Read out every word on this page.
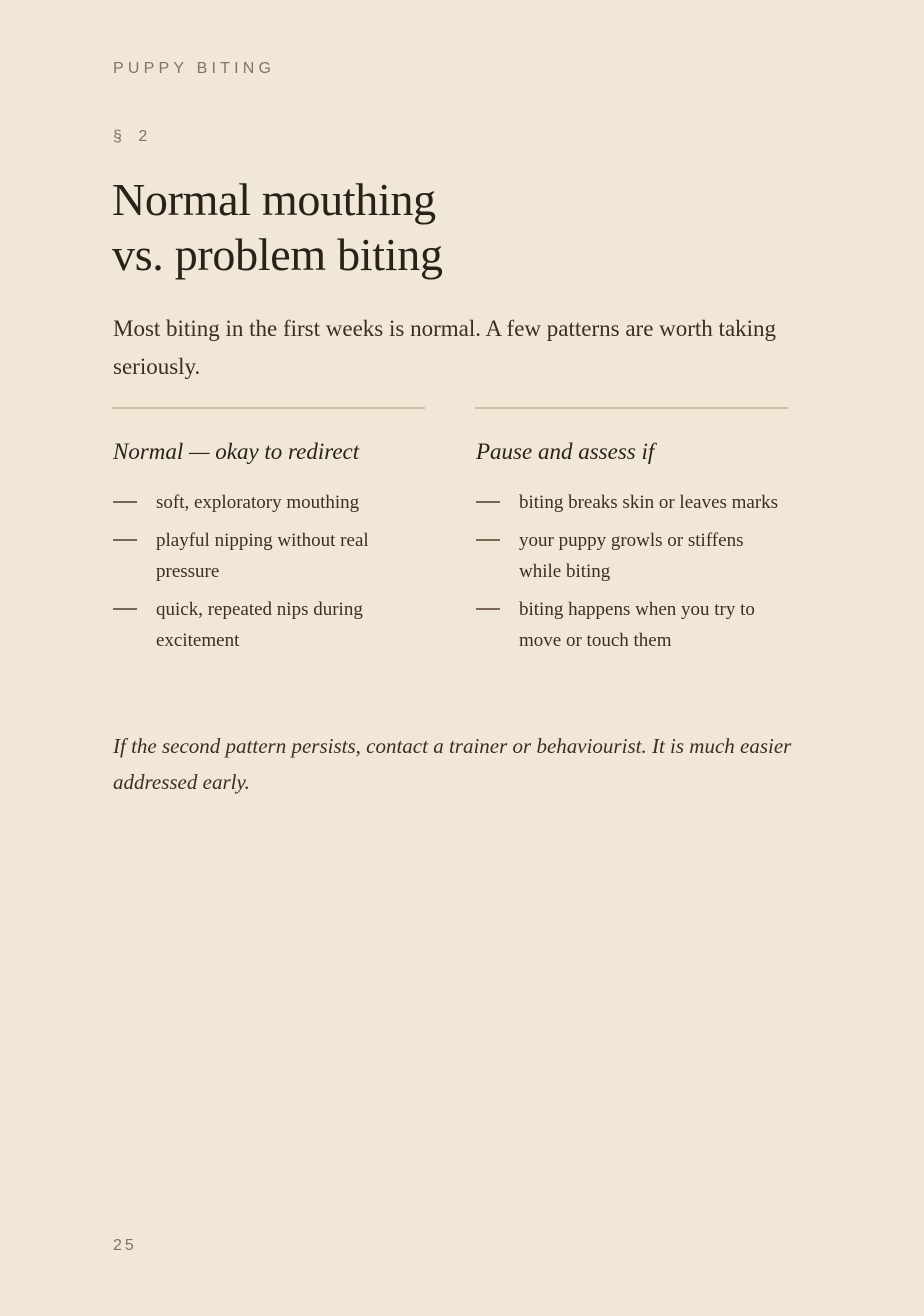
PUPPY BITING
§ 2
Normal mouthing
vs. problem biting

Most biting in the first weeks is normal. A few patterns are worth taking seriously.

Normal — okay to redirect
soft, exploratory mouthing
playful nipping without real pressure
quick, repeated nips during excitement
Pause and assess if
biting breaks skin or leaves marks
your puppy growls or stiffens while biting
biting happens when you try to move or touch them

If the second pattern persists, contact a trainer or behaviourist. It is much easier addressed early.

25
